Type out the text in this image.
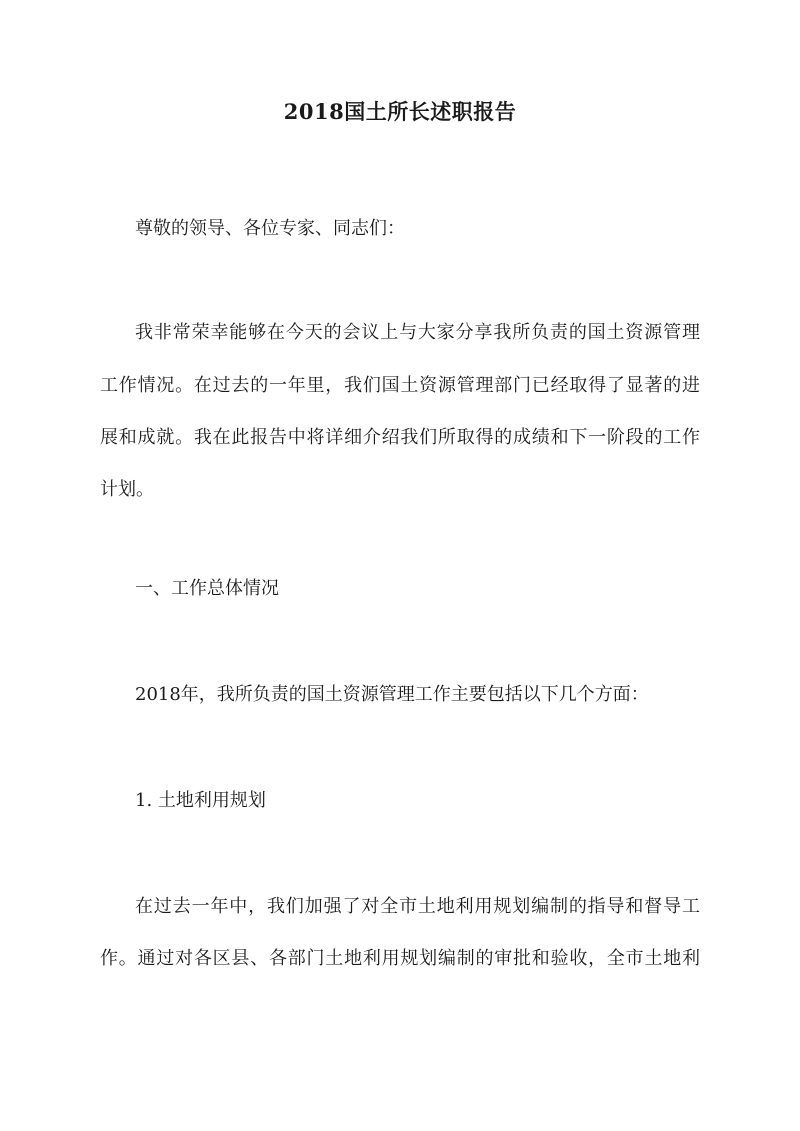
2018国土所长述职报告

尊敬的领导、各位专家、同志们：

我非常荣幸能够在今天的会议上与大家分享我所负责的国土资源管理

工作情况。在过去的一年里，我们国土资源管理部门已经取得了显著的进

展和成就。我在此报告中将详细介绍我们所取得的成绩和下一阶段的工作

计划。

一、工作总体情况

2018年，我所负责的国土资源管理工作主要包括以下几个方面：

1. 土地利用规划

在过去一年中，我们加强了对全市土地利用规划编制的指导和督导工

作。通过对各区县、各部门土地利用规划编制的审批和验收，全市土地利
